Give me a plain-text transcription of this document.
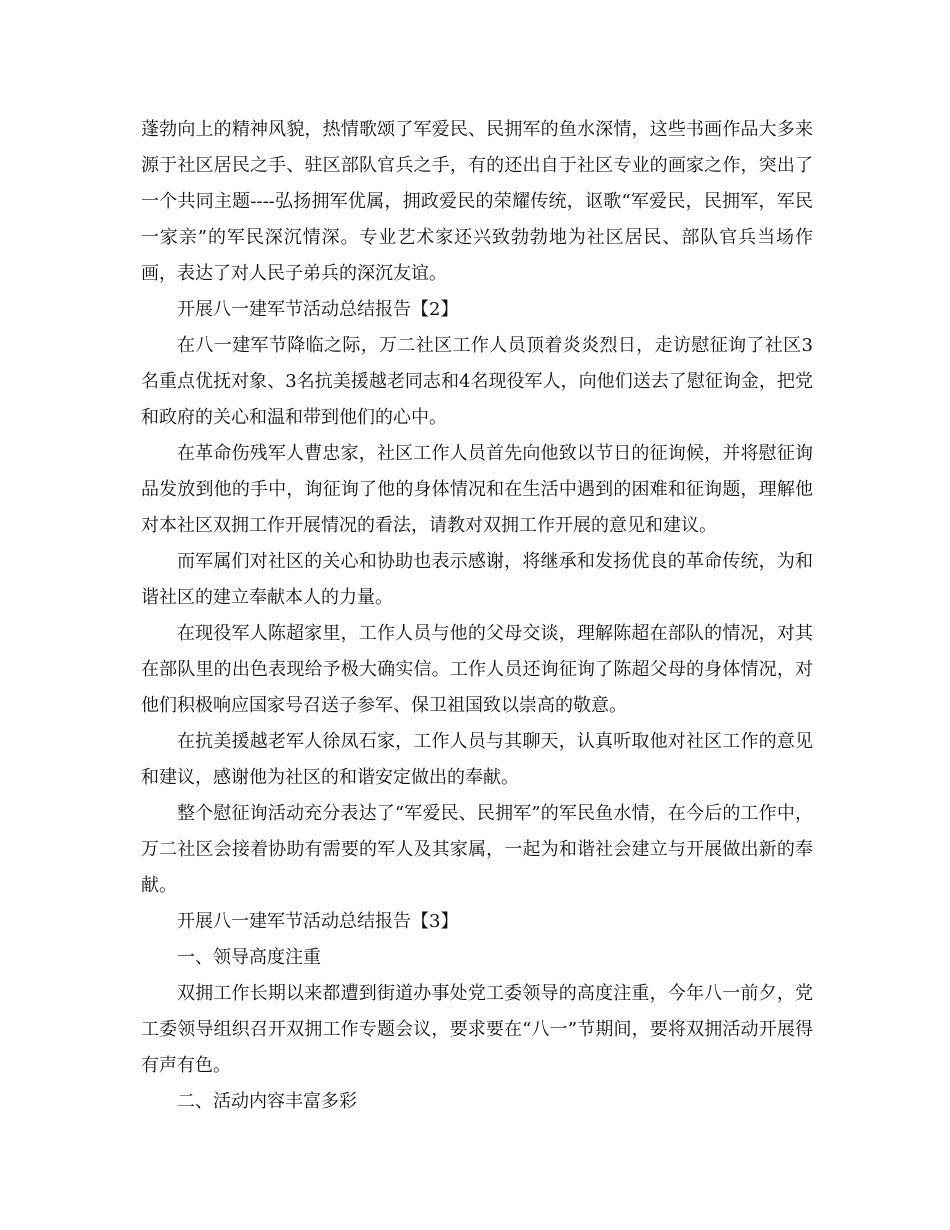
蓬勃向上的精神风貌，热情歌颂了军爱民、民拥军的鱼水深情，这些书画作品大多来源于社区居民之手、驻区部队官兵之手，有的还出自于社区专业的画家之作，突出了一个共同主题----弘扬拥军优属，拥政爱民的荣耀传统，讴歌“军爱民，民拥军，军民一家亲”的军民深沉情深。专业艺术家还兴致勃勃地为社区居民、部队官兵当场作画，表达了对人民子弟兵的深沉友谊。

开展八一建军节活动总结报告【2】

在八一建军节降临之际，万二社区工作人员顶着炎炎烈日，走访慰征询了社区3名重点优抚对象、3名抗美援越老同志和4名现役军人，向他们送去了慰征询金，把党和政府的关心和温和带到他们的心中。

在革命伤残军人曹忠家，社区工作人员首先向他致以节日的征询候，并将慰征询品发放到他的手中，询征询了他的身体情况和在生活中遇到的困难和征询题，理解他对本社区双拥工作开展情况的看法，请教对双拥工作开展的意见和建议。

而军属们对社区的关心和协助也表示感谢，将继承和发扬优良的革命传统，为和谐社区的建立奉献本人的力量。

在现役军人陈超家里，工作人员与他的父母交谈，理解陈超在部队的情况，对其在部队里的出色表现给予极大确实信。工作人员还询征询了陈超父母的身体情况，对他们积极响应国家号召送子参军、保卫祖国致以崇高的敬意。

在抗美援越老军人徐凤石家，工作人员与其聊天，认真听取他对社区工作的意见和建议，感谢他为社区的和谐安定做出的奉献。

整个慰征询活动充分表达了“军爱民、民拥军”的军民鱼水情，在今后的工作中，万二社区会接着协助有需要的军人及其家属，一起为和谐社会建立与开展做出新的奉献。

开展八一建军节活动总结报告【3】

一、领导高度注重

双拥工作长期以来都遭到街道办事处党工委领导的高度注重，今年八一前夕，党工委领导组织召开双拥工作专题会议，要求要在“八一”节期间，要将双拥活动开展得有声有色。

二、活动内容丰富多彩
